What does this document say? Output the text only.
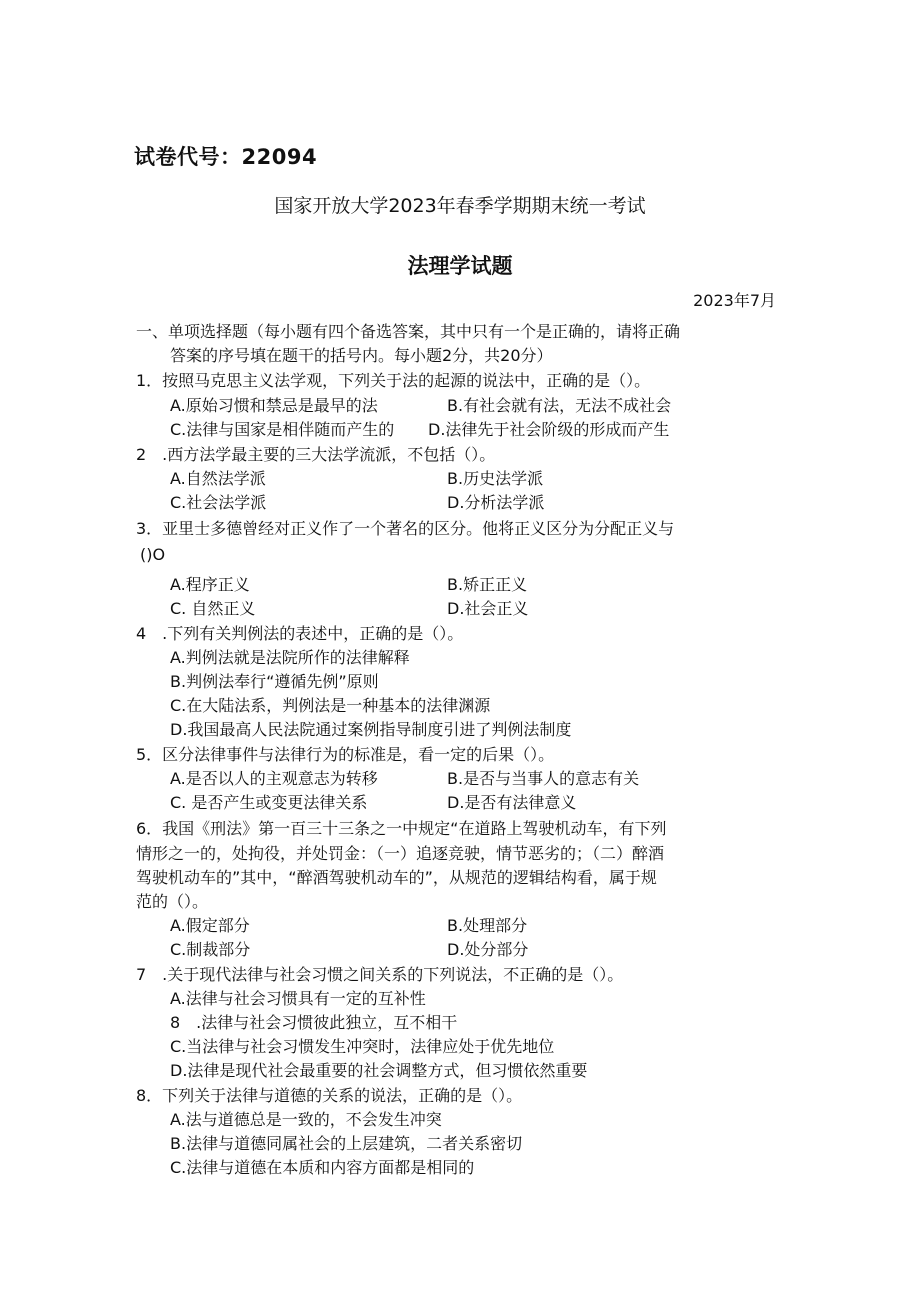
试卷代号：22094
国家开放大学2023年春季学期期末统一考试
法理学试题
2023年7月
一、单项选择题（每小题有四个备选答案，其中只有一个是正确的，请将正确
答案的序号填在题干的括号内。每小题2分，共20分）
1．按照马克思主义法学观，下列关于法的起源的说法中，正确的是（）。
A.原始习惯和禁忌是最早的法	B.有社会就有法，无法不成社会
C.法律与国家是相伴随而产生的 D.法律先于社会阶级的形成而产生
2　.西方法学最主要的三大法学流派，不包括（）。
A.自然法学派	B.历史法学派
C.社会法学派	D.分析法学派
3．亚里士多德曾经对正义作了一个著名的区分。他将正义区分为分配正义与
()O
A.程序正义	B.矫正正义
C. 自然正义	D.社会正义
4　.下列有关判例法的表述中，正确的是（）。
A.判例法就是法院所作的法律解释
B.判例法奉行“遵循先例”原则
C.在大陆法系，判例法是一种基本的法律渊源
D.我国最高人民法院通过案例指导制度引进了判例法制度
5．区分法律事件与法律行为的标准是，看一定的后果（）。
A.是否以人的主观意志为转移	B.是否与当事人的意志有关
C. 是否产生或变更法律关系	D.是否有法律意义
6．我国《刑法》第一百三十三条之一中规定“在道路上驾驶机动车，有下列
情形之一的，处拘役，并处罚金：（一）追逐竞驶，情节恶劣的；（二）醉酒
驾驶机动车的”其中，“醉酒驾驶机动车的”，从规范的逻辑结构看，属于规
范的（）。
A.假定部分	B.处理部分
C.制裁部分	D.处分部分
7　.关于现代法律与社会习惯之间关系的下列说法，不正确的是（）。
A.法律与社会习惯具有一定的互补性
8　.法律与社会习惯彼此独立，互不相干
C.当法律与社会习惯发生冲突时，法律应处于优先地位
D.法律是现代社会最重要的社会调整方式，但习惯依然重要
8．下列关于法律与道德的关系的说法，正确的是（）。
A.法与道德总是一致的，不会发生冲突
B.法律与道德同属社会的上层建筑，二者关系密切
C.法律与道德在本质和内容方面都是相同的
